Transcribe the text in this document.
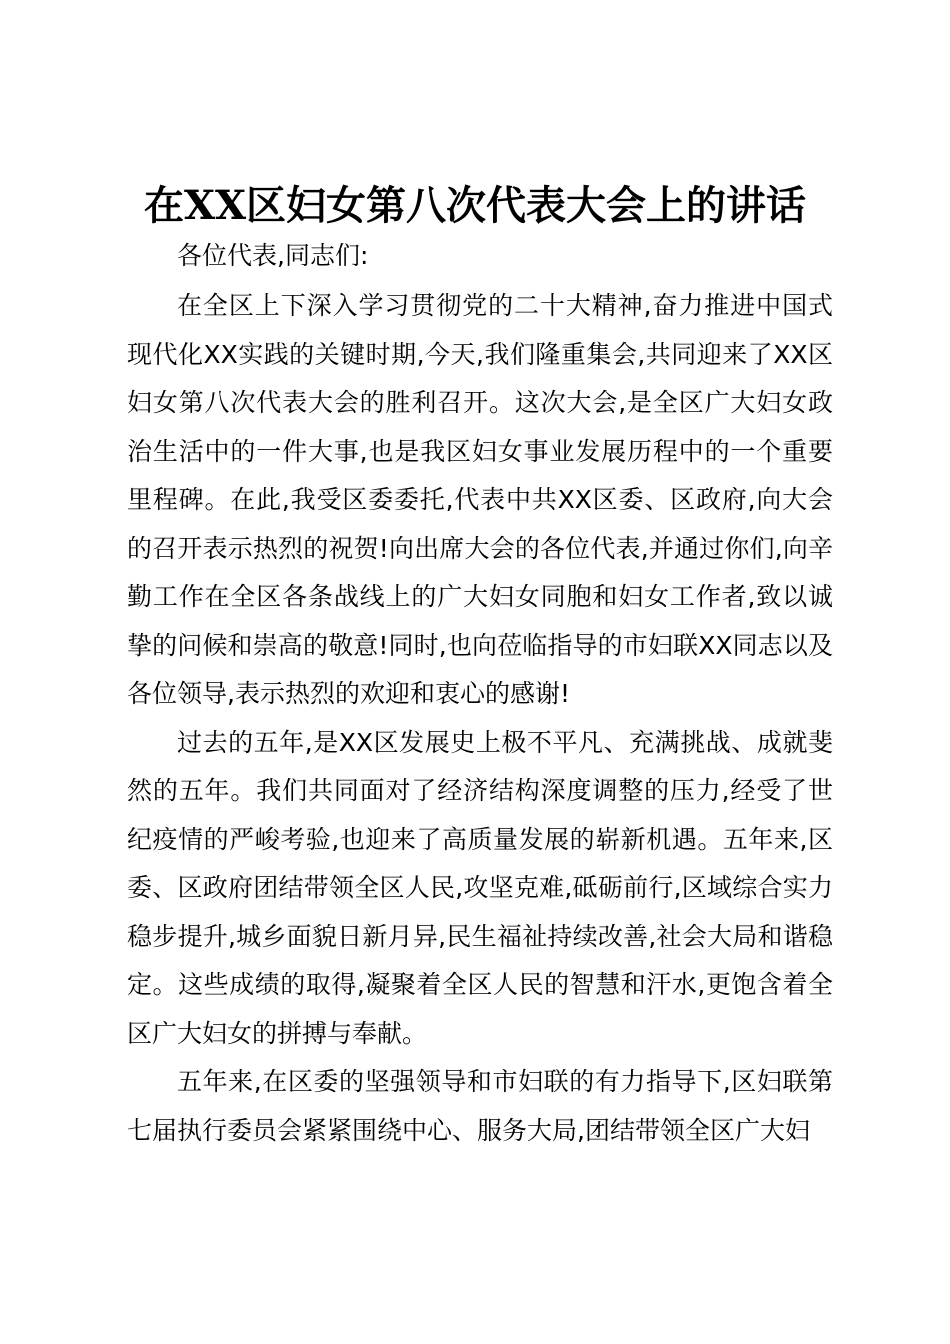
在XX区妇女第八次代表大会上的讲话

各位代表,同志们:

在全区上下深入学习贯彻党的二十大精神,奋力推进中国式现代化XX实践的关键时期,今天,我们隆重集会,共同迎来了XX区妇女第八次代表大会的胜利召开。这次大会,是全区广大妇女政治生活中的一件大事,也是我区妇女事业发展历程中的一个重要里程碑。在此,我受区委委托,代表中共XX区委、区政府,向大会的召开表示热烈的祝贺!向出席大会的各位代表,并通过你们,向辛勤工作在全区各条战线上的广大妇女同胞和妇女工作者,致以诚挚的问候和崇高的敬意!同时,也向莅临指导的市妇联XX同志以及各位领导,表示热烈的欢迎和衷心的感谢!

过去的五年,是XX区发展史上极不平凡、充满挑战、成就斐然的五年。我们共同面对了经济结构深度调整的压力,经受了世纪疫情的严峻考验,也迎来了高质量发展的崭新机遇。五年来,区委、区政府团结带领全区人民,攻坚克难,砥砺前行,区域综合实力稳步提升,城乡面貌日新月异,民生福祉持续改善,社会大局和谐稳定。这些成绩的取得,凝聚着全区人民的智慧和汗水,更饱含着全区广大妇女的拼搏与奉献。

五年来,在区委的坚强领导和市妇联的有力指导下,区妇联第七届执行委员会紧紧围绕中心、服务大局,团结带领全区广大妇
